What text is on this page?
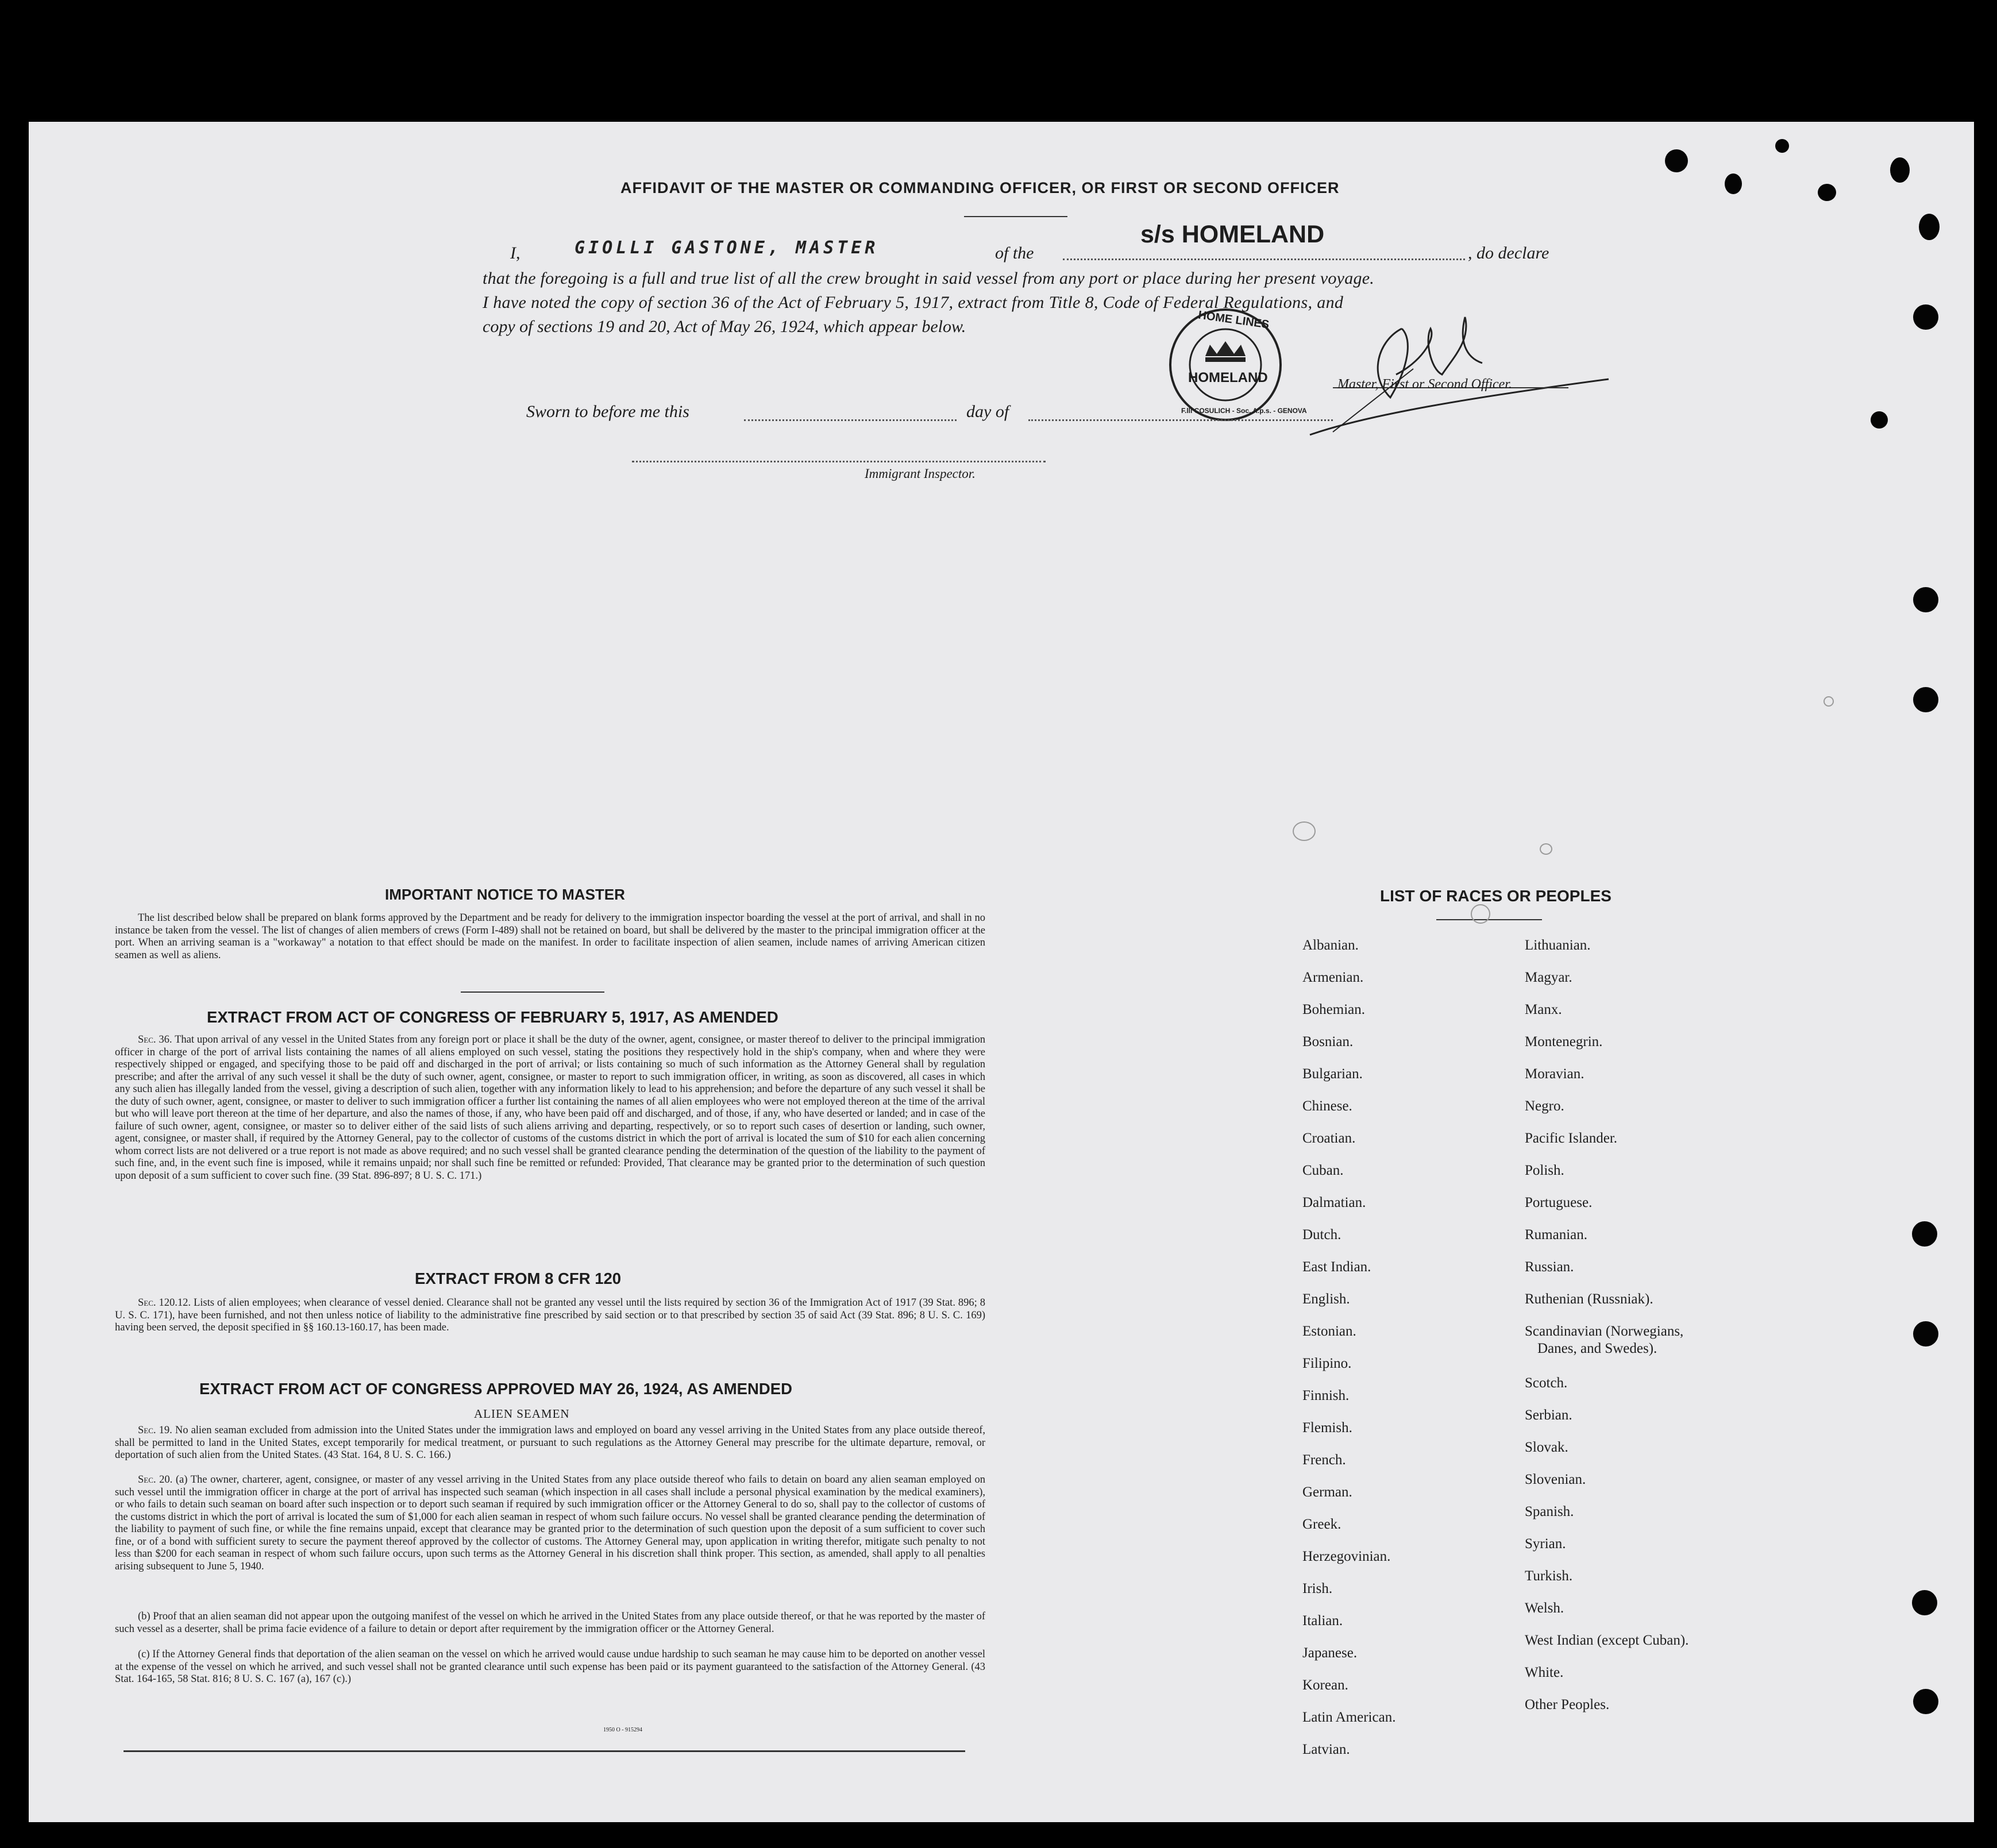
AFFIDAVIT OF THE MASTER OR COMMANDING OFFICER, OR FIRST OR SECOND OFFICER
I,	GIOLLI GASTONE, MASTER	of the
s/s HOMELAND
, do declare
that the foregoing is a full and true list of all the crew brought in said vessel from any port or place during her present voyage.
I have noted the copy of section 36 of the Act of February 5, 1917, extract from Title 8, Code of Federal Regulations, and
copy of sections 19 and 20, Act of May 26, 1924, which appear below.	HOME LINES
HOMELAND
F.lli COSULICH - Soc. A.p.s. - GENOVA
Master, First or Second Officer.
Sworn to before me this	day of
Immigrant Inspector.
IMPORTANT NOTICE TO MASTER
The list described below shall be prepared on blank forms approved by the Department and be ready for delivery to the immigration inspector boarding the vessel at the port of arrival, and shall in no instance be taken from the vessel. The list of changes of alien members of crews (Form I-489) shall not be retained on board, but shall be delivered by the master to the principal immigration officer at the port. When an arriving seaman is a "workaway" a notation to that effect should be made on the manifest. In order to facilitate inspection of alien seamen, include names of arriving American citizen seamen as well as aliens.
EXTRACT FROM ACT OF CONGRESS OF FEBRUARY 5, 1917, AS AMENDED
Sec. 36. That upon arrival of any vessel in the United States from any foreign port or place it shall be the duty of the owner, agent, consignee, or master thereof to deliver to the principal immigration officer in charge of the port of arrival lists containing the names of all aliens employed on such vessel, stating the positions they respectively hold in the ship's company, when and where they were respectively shipped or engaged, and specifying those to be paid off and discharged in the port of arrival; or lists containing so much of such information as the Attorney General shall by regulation prescribe; and after the arrival of any such vessel it shall be the duty of such owner, agent, consignee, or master to report to such immigration officer, in writing, as soon as discovered, all cases in which any such alien has illegally landed from the vessel, giving a description of such alien, together with any information likely to lead to his apprehension; and before the departure of any such vessel it shall be the duty of such owner, agent, consignee, or master to deliver to such immigration officer a further list containing the names of all alien employees who were not employed thereon at the time of the arrival but who will leave port thereon at the time of her departure, and also the names of those, if any, who have been paid off and discharged, and of those, if any, who have deserted or landed; and in case of the failure of such owner, agent, consignee, or master so to deliver either of the said lists of such aliens arriving and departing, respectively, or so to report such cases of desertion or landing, such owner, agent, consignee, or master shall, if required by the Attorney General, pay to the collector of customs of the customs district in which the port of arrival is located the sum of $10 for each alien concerning whom correct lists are not delivered or a true report is not made as above required; and no such vessel shall be granted clearance pending the determination of the question of the liability to the payment of such fine, and, in the event such fine is imposed, while it remains unpaid; nor shall such fine be remitted or refunded: Provided, That clearance may be granted prior to the determination of such question upon deposit of a sum sufficient to cover such fine. (39 Stat. 896-897; 8 U. S. C. 171.)
EXTRACT FROM 8 CFR 120
Sec. 120.12. Lists of alien employees; when clearance of vessel denied. Clearance shall not be granted any vessel until the lists required by section 36 of the Immigration Act of 1917 (39 Stat. 896; 8 U. S. C. 171), have been furnished, and not then unless notice of liability to the administrative fine prescribed by said section or to that prescribed by section 35 of said Act (39 Stat. 896; 8 U. S. C. 169) having been served, the deposit specified in §§ 160.13-160.17, has been made.
EXTRACT FROM ACT OF CONGRESS APPROVED MAY 26, 1924, AS AMENDED
ALIEN SEAMEN
Sec. 19. No alien seaman excluded from admission into the United States under the immigration laws and employed on board any vessel arriving in the United States from any place outside thereof, shall be permitted to land in the United States, except temporarily for medical treatment, or pursuant to such regulations as the Attorney General may prescribe for the ultimate departure, removal, or deportation of such alien from the United States. (43 Stat. 164, 8 U. S. C. 166.)
Sec. 20. (a) The owner, charterer, agent, consignee, or master of any vessel arriving in the United States from any place outside thereof who fails to detain on board any alien seaman employed on such vessel until the immigration officer in charge at the port of arrival has inspected such seaman (which inspection in all cases shall include a personal physical examination by the medical examiners), or who fails to detain such seaman on board after such inspection or to deport such seaman if required by such immigration officer or the Attorney General to do so, shall pay to the collector of customs of the customs district in which the port of arrival is located the sum of $1,000 for each alien seaman in respect of whom such failure occurs. No vessel shall be granted clearance pending the determination of the liability to payment of such fine, or while the fine remains unpaid, except that clearance may be granted prior to the determination of such question upon the deposit of a sum sufficient to cover such fine, or of a bond with sufficient surety to secure the payment thereof approved by the collector of customs. The Attorney General may, upon application in writing therefor, mitigate such penalty to not less than $200 for each seaman in respect of whom such failure occurs, upon such terms as the Attorney General in his discretion shall think proper. This section, as amended, shall apply to all penalties arising subsequent to June 5, 1940.
(b) Proof that an alien seaman did not appear upon the outgoing manifest of the vessel on which he arrived in the United States from any place outside thereof, or that he was reported by the master of such vessel as a deserter, shall be prima facie evidence of a failure to detain or deport after requirement by the immigration officer or the Attorney General.
(c) If the Attorney General finds that deportation of the alien seaman on the vessel on which he arrived would cause undue hardship to such seaman he may cause him to be deported on another vessel at the expense of the vessel on which he arrived, and such vessel shall not be granted clearance until such expense has been paid or its payment guaranteed to the satisfaction of the Attorney General. (43 Stat. 164-165, 58 Stat. 816; 8 U. S. C. 167 (a), 167 (c).)
1950 O - 915294
LIST OF RACES OR PEOPLES
Albanian.
Armenian.
Bohemian.
Bosnian.
Bulgarian.
Chinese.
Croatian.
Cuban.
Dalmatian.
Dutch.
East Indian.
English.
Estonian.
Filipino.
Finnish.
Flemish.
French.
German.
Greek.
Herzegovinian.
Irish.
Italian.
Japanese.
Korean.
Latin American.
Latvian.
Lithuanian.
Magyar.
Manx.
Montenegrin.
Moravian.
Negro.
Pacific Islander.
Polish.
Portuguese.
Rumanian.
Russian.
Ruthenian (Russniak).
Scandinavian (Norwegians,
Danes, and Swedes).
Scotch.
Serbian.
Slovak.
Slovenian.
Spanish.
Syrian.
Turkish.
Welsh.
West Indian (except Cuban).
White.
Other Peoples.
